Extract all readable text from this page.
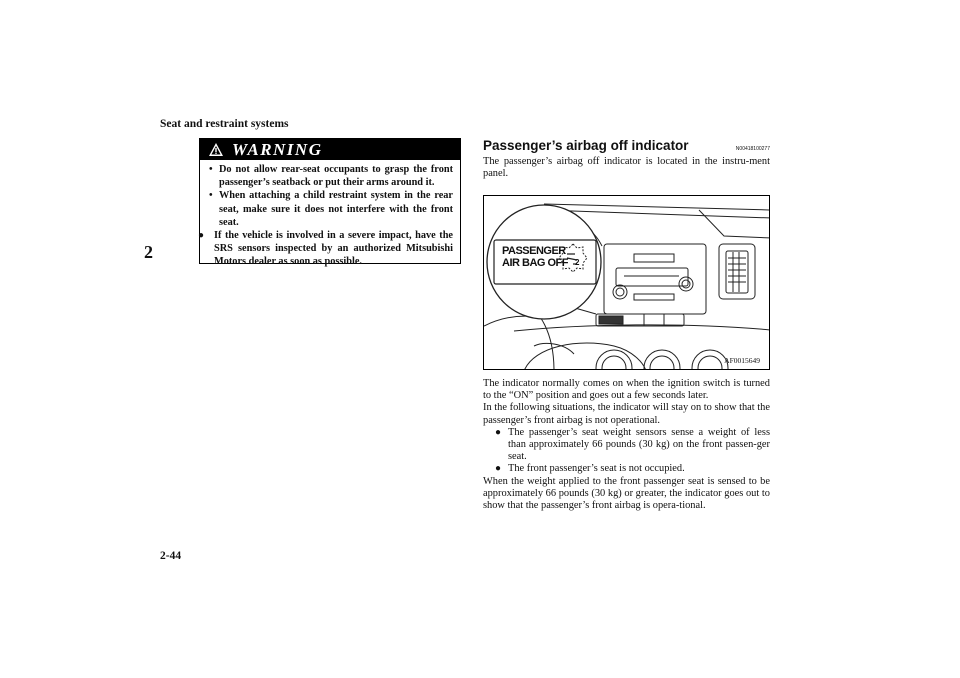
Seat and restraint systems
2
WARNING
• Do not allow rear-seat occupants to grasp the front passenger’s seatback or put their arms around it.
• When attaching a child restraint system in the rear seat, make sure it does not interfere with the front seat.
● If the vehicle is involved in a severe impact, have the SRS sensors inspected by an authorized Mitsubishi Motors dealer as soon as possible.
Passenger’s airbag off indicator	N00418100277

The passenger’s airbag off indicator is located in the instru-ment panel.

PASSENGER
AIR BAG OFF 2
AF0015649

The indicator normally comes on when the ignition switch is turned to the “ON” position and goes out a few seconds later.

In the following situations, the indicator will stay on to show that the passenger’s front airbag is not operational.

● The passenger’s seat weight sensors sense a weight of less than approximately 66 pounds (30 kg) on the front passen-ger seat.
● The front passenger’s seat is not occupied.

When the weight applied to the front passenger seat is sensed to be approximately 66 pounds (30 kg) or greater, the indicator goes out to show that the passenger’s front airbag is opera-tional.

2-44
